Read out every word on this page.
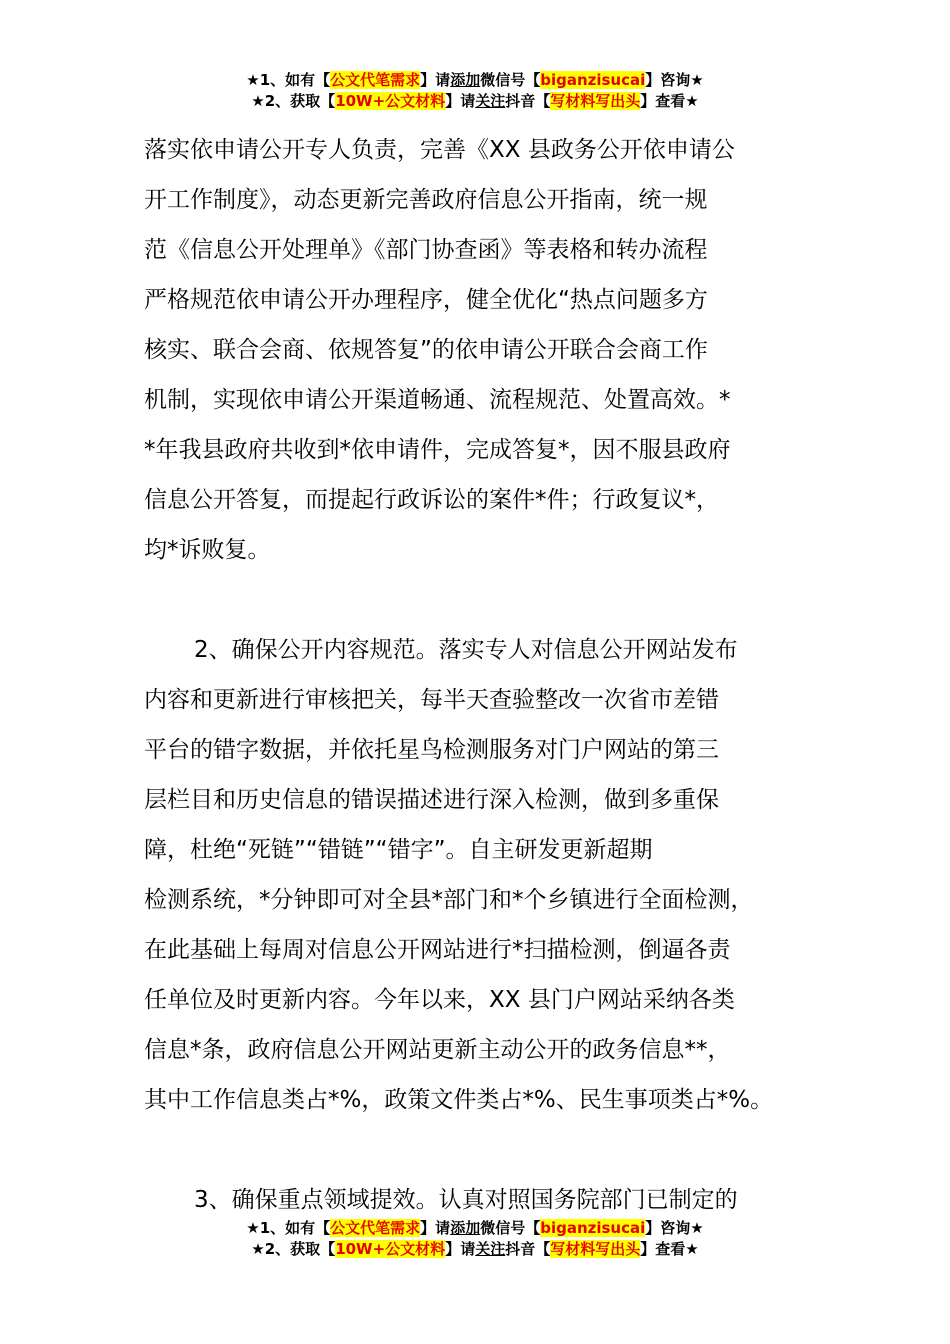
★1、如有【公文代笔需求】请添加微信号【biganzisucai】咨询★
★2、获取【10W+公文材料】请关注抖音【写材料写出头】查看★

落实依申请公开专人负责，完善《XX 县政务公开依申请公
开工作制度》，动态更新完善政府信息公开指南，统一规
范《信息公开处理单》《部门协查函》等表格和转办流程
严格规范依申请公开办理程序，健全优化“热点问题多方
核实、联合会商、依规答复”的依申请公开联合会商工作
机制，实现依申请公开渠道畅通、流程规范、处置高效。*
*年我县政府共收到*依申请件，完成答复*，因不服县政府
信息公开答复，而提起行政诉讼的案件*件；行政复议*，
均*诉败复。

2、确保公开内容规范。落实专人对信息公开网站发布
内容和更新进行审核把关，每半天查验整改一次省市差错
平台的错字数据，并依托星鸟检测服务对门户网站的第三
层栏目和历史信息的错误描述进行深入检测，做到多重保
障，杜绝“死链”“错链”“错字”。自主研发更新超期
检测系统，*分钟即可对全县*部门和*个乡镇进行全面检测，
在此基础上每周对信息公开网站进行*扫描检测，倒逼各责
任单位及时更新内容。今年以来，XX 县门户网站采纳各类
信息*条，政府信息公开网站更新主动公开的政务信息**，
其中工作信息类占*%，政策文件类占*%、民生事项类占*%。

3、确保重点领域提效。认真对照国务院部门已制定的

★1、如有【公文代笔需求】请添加微信号【biganzisucai】咨询★
★2、获取【10W+公文材料】请关注抖音【写材料写出头】查看★
